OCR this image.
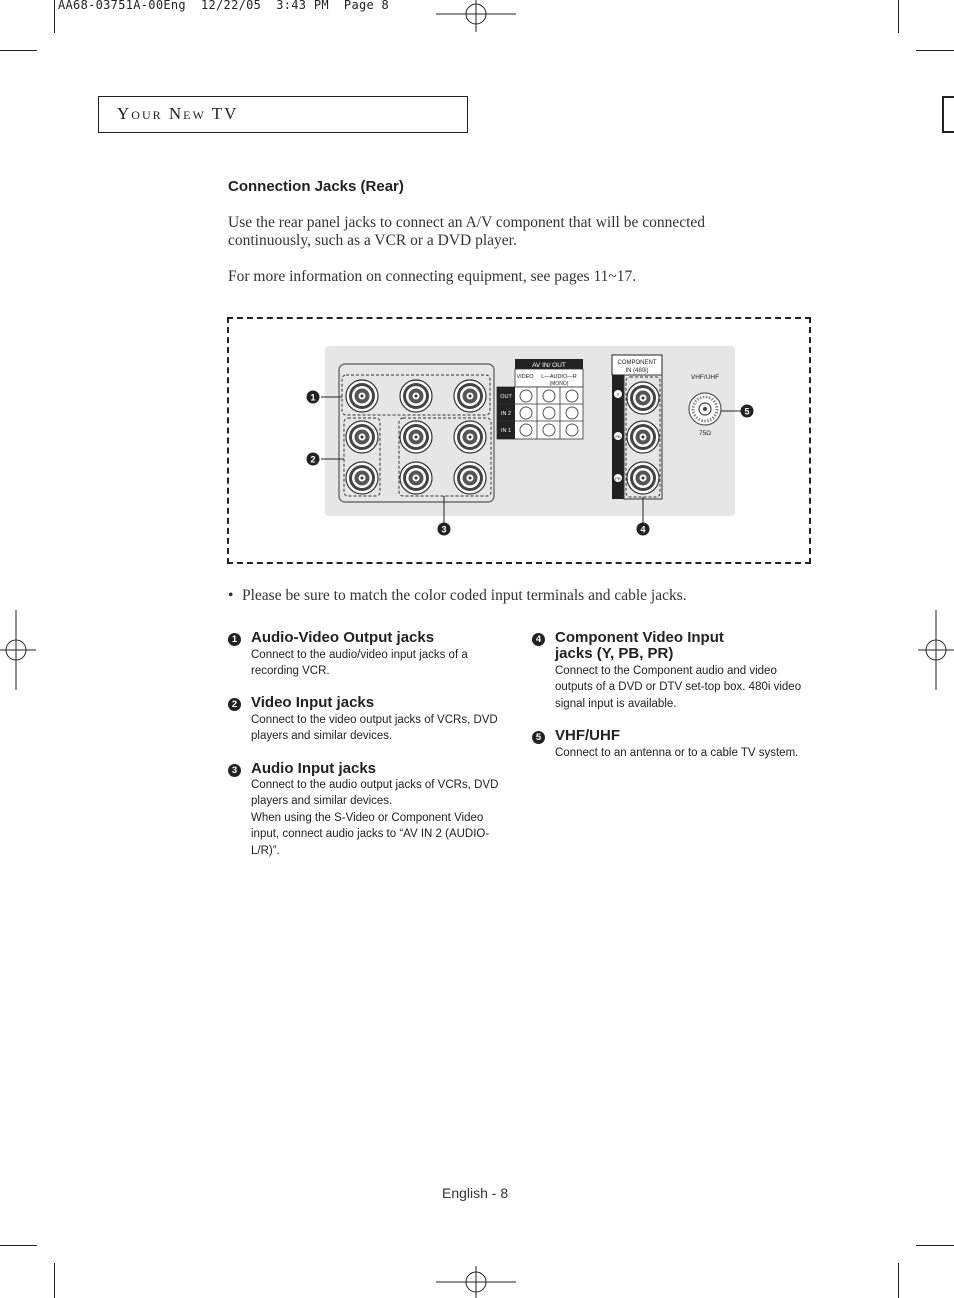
AA68-03751A-00Eng  12/22/05  3:43 PM  Page 8
Your New TV
Connection Jacks (Rear)
Use the rear panel jacks to connect an A/V component that will be connected continuously, such as a VCR or a DVD player.
For more information on connecting equipment, see pages 11~17.
AV IN/ OUT
VIDEO L—AUDIO—R
(MONO)
OUT
IN 2
IN 1
COMPONENT
IN (480i)
Y
PB
PR
VHF/UHF
75Ω
1
2
3	4
5
• Please be sure to match the color coded input terminals and cable jacks.
1 Audio-Video Output jacks
Connect to the audio/video input jacks of a recording VCR.
2 Video Input jacks
Connect to the video output jacks of VCRs, DVD players and similar devices.
3 Audio Input jacks
Connect to the audio output jacks of VCRs, DVD players and similar devices.
When using the S-Video or Component Video input, connect audio jacks to “AV IN 2 (AUDIO-L/R)”.
4 Component Video Input
jacks (Y, PB, PR)
Connect to the Component audio and video outputs of a DVD or DTV set-top box. 480i video signal input is available.
5 VHF/UHF
Connect to an antenna or to a cable TV system.
English - 8
